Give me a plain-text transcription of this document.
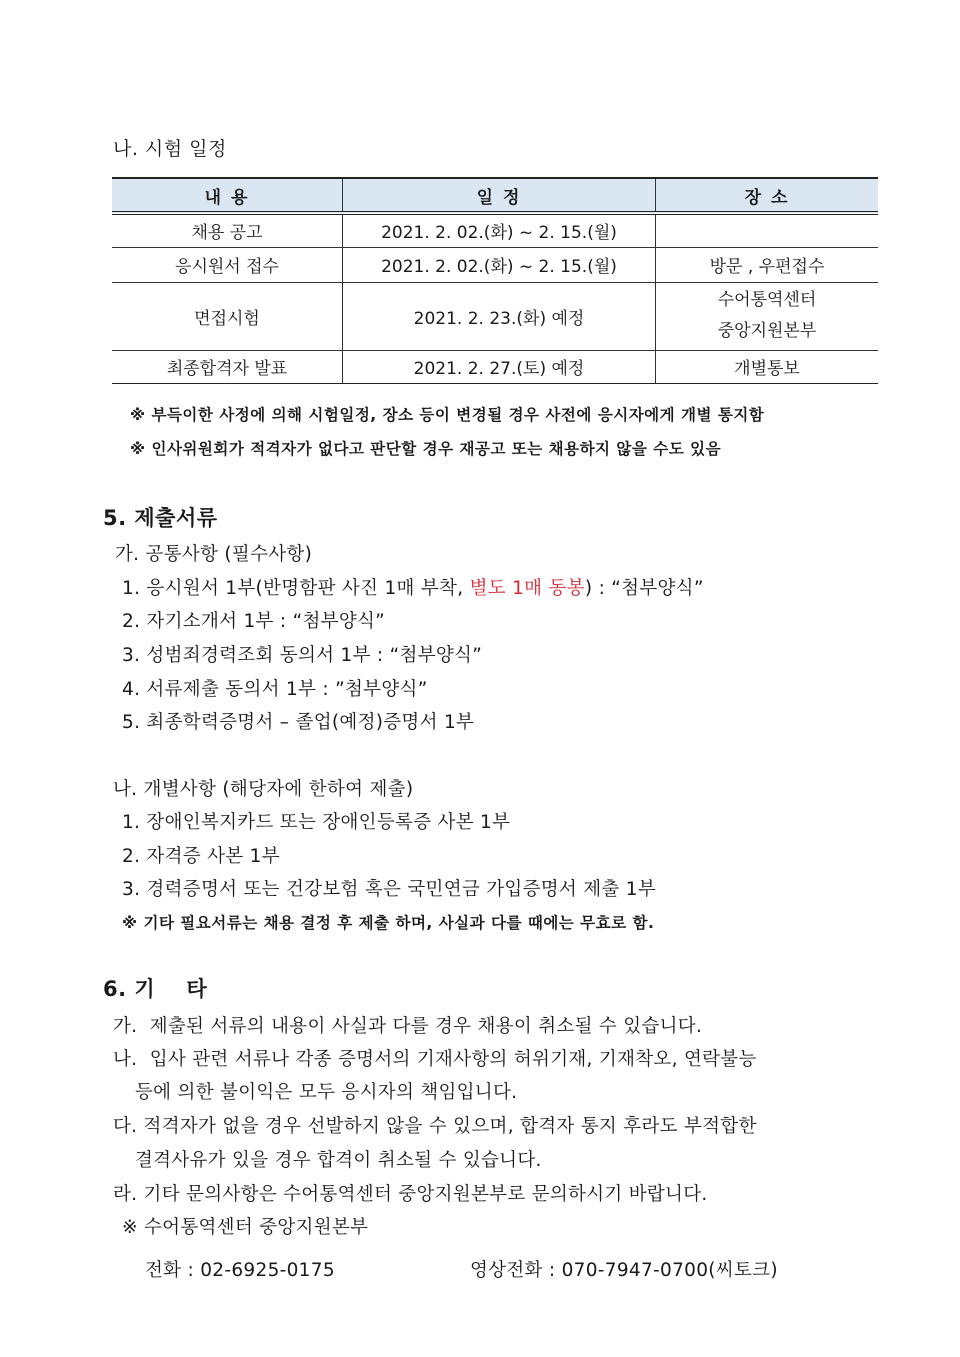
나. 시험 일정
내 용	일 정	장 소
채용 공고	2021. 2. 02.(화) ~ 2. 15.(월)	
응시원서 접수	2021. 2. 02.(화) ~ 2. 15.(월)	방문 , 우편접수
면접시험	2021. 2. 23.(화) 예정	수어통역센터
중앙지원본부

최종합격자 발표	2021. 2. 27.(토) 예정	개별통보
※ 부득이한 사정에 의해 시험일정, 장소 등이 변경될 경우 사전에 응시자에게 개별 통지함
※ 인사위원회가 적격자가 없다고 판단할 경우 재공고 또는 채용하지 않을 수도 있음
5. 제출서류
가. 공통사항 (필수사항)
1. 응시원서 1부(반명함판 사진 1매 부착, 별도 1매 동봉) : “첨부양식”
2. 자기소개서 1부 : “첨부양식”
3. 성범죄경력조회 동의서 1부 : “첨부양식”
4. 서류제출 동의서 1부 : ”첨부양식”
5. 최종학력증명서 – 졸업(예정)증명서 1부
나. 개별사항 (해당자에 한하여 제출)
1. 장애인복지카드 또는 장애인등록증 사본 1부
2. 자격증 사본 1부
3. 경력증명서 또는 건강보험 혹은 국민연금 가입증명서 제출 1부
※ 기타 필요서류는 채용 결정 후 제출 하며, 사실과 다를 때에는 무효로 함.
6. 기    타
가.  제출된 서류의 내용이 사실과 다를 경우 채용이 취소될 수 있습니다.
나.  입사 관련 서류나 각종 증명서의 기재사항의 허위기재, 기재착오, 연락불능
등에 의한 불이익은 모두 응시자의 책임입니다.
다. 적격자가 없을 경우 선발하지 않을 수 있으며, 합격자 통지 후라도 부적합한
결격사유가 있을 경우 합격이 취소될 수 있습니다.
라. 기타 문의사항은 수어통역센터 중앙지원본부로 문의하시기 바랍니다.
※ 수어통역센터 중앙지원본부
전화 : 02-6925-0175	영상전화 : 070-7947-0700(씨토크)
